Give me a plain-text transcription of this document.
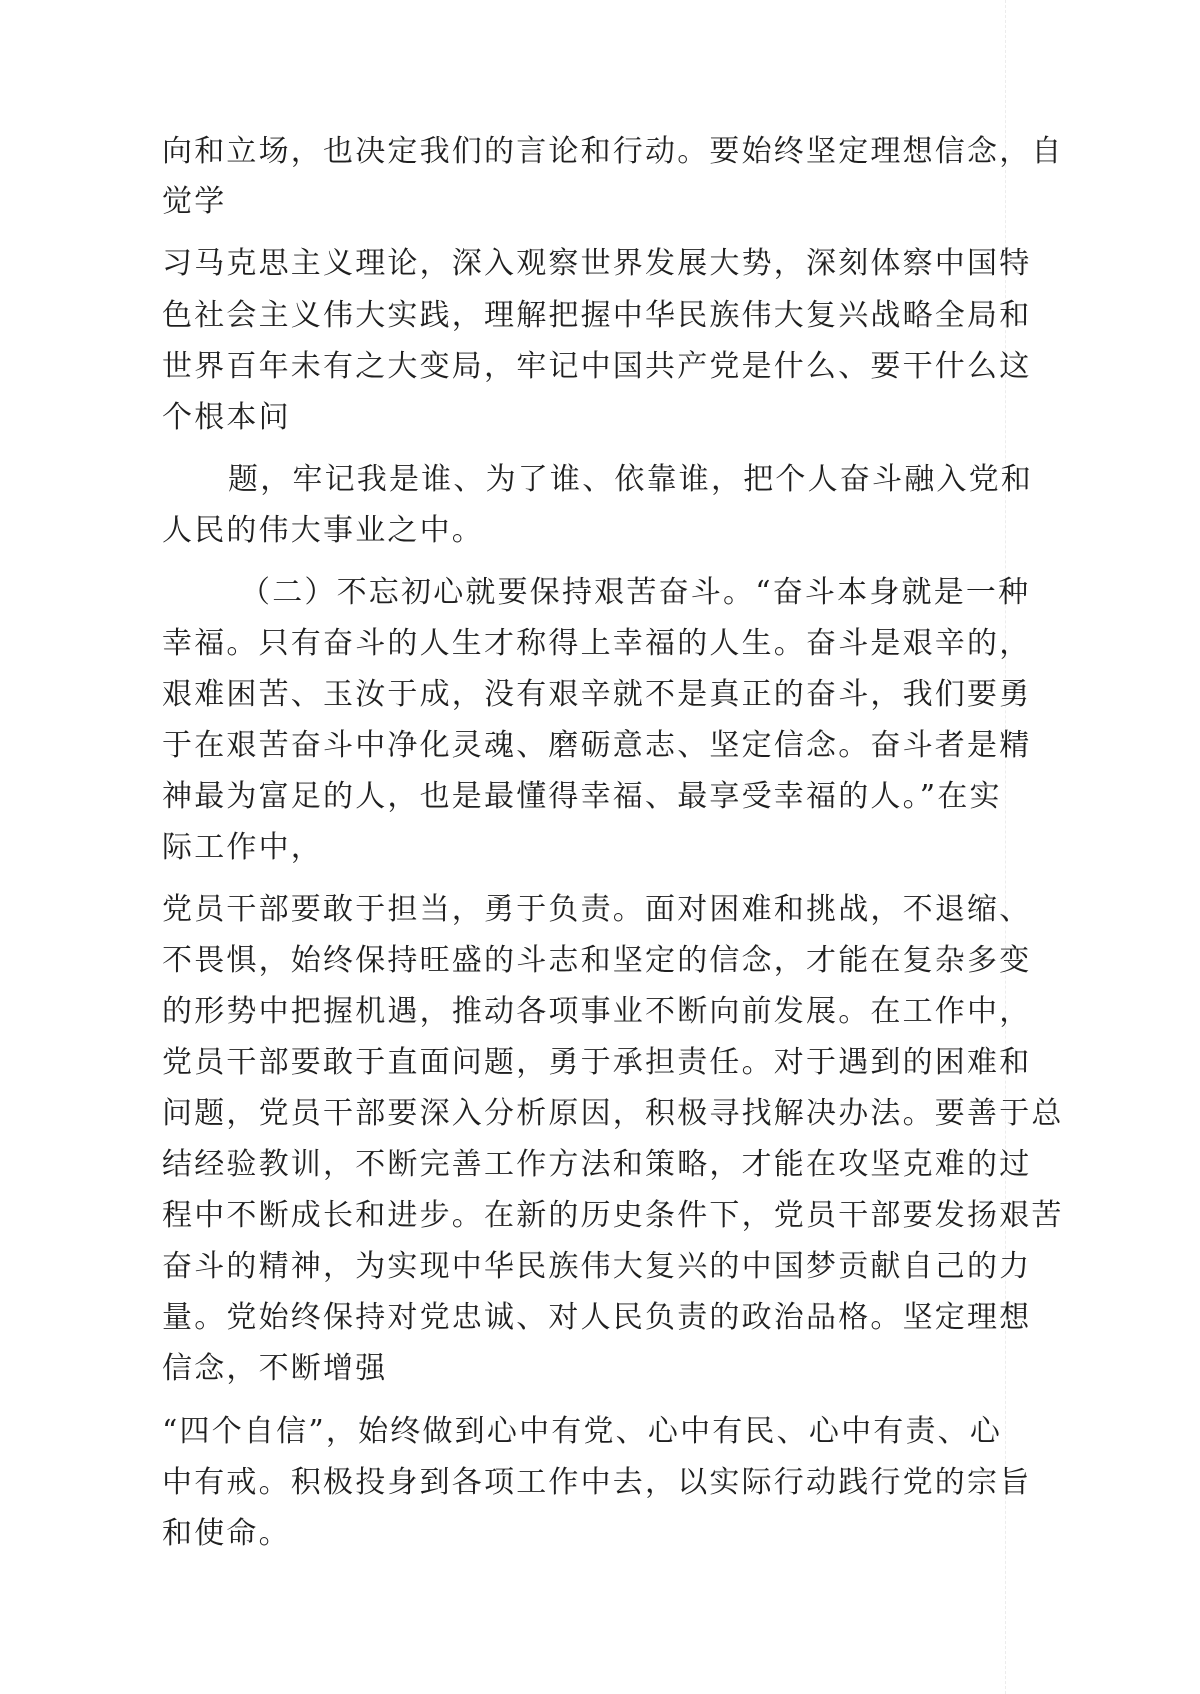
向和立场，也决定我们的言论和行动。要始终坚定理想信念，自
觉学
习马克思主义理论，深入观察世界发展大势，深刻体察中国特
色社会主义伟大实践，理解把握中华民族伟大复兴战略全局和
世界百年未有之大变局，牢记中国共产党是什么、要干什么这
个根本问
题，牢记我是谁、为了谁、依靠谁，把个人奋斗融入党和
人民的伟大事业之中。
（二）不忘初心就要保持艰苦奋斗。“奋斗本身就是一种
幸福。只有奋斗的人生才称得上幸福的人生。奋斗是艰辛的，
艰难困苦、玉汝于成，没有艰辛就不是真正的奋斗，我们要勇
于在艰苦奋斗中净化灵魂、磨砺意志、坚定信念。奋斗者是精
神最为富足的人，也是最懂得幸福、最享受幸福的人。”在实
际工作中，
党员干部要敢于担当，勇于负责。面对困难和挑战，不退缩、
不畏惧，始终保持旺盛的斗志和坚定的信念，才能在复杂多变
的形势中把握机遇，推动各项事业不断向前发展。在工作中，
党员干部要敢于直面问题，勇于承担责任。对于遇到的困难和
问题，党员干部要深入分析原因，积极寻找解决办法。要善于总
结经验教训，不断完善工作方法和策略，才能在攻坚克难的过
程中不断成长和进步。在新的历史条件下，党员干部要发扬艰苦
奋斗的精神，为实现中华民族伟大复兴的中国梦贡献自己的力
量。党始终保持对党忠诚、对人民负责的政治品格。坚定理想
信念，不断增强
“四个自信”，始终做到心中有党、心中有民、心中有责、心
中有戒。积极投身到各项工作中去，以实际行动践行党的宗旨
和使命。
